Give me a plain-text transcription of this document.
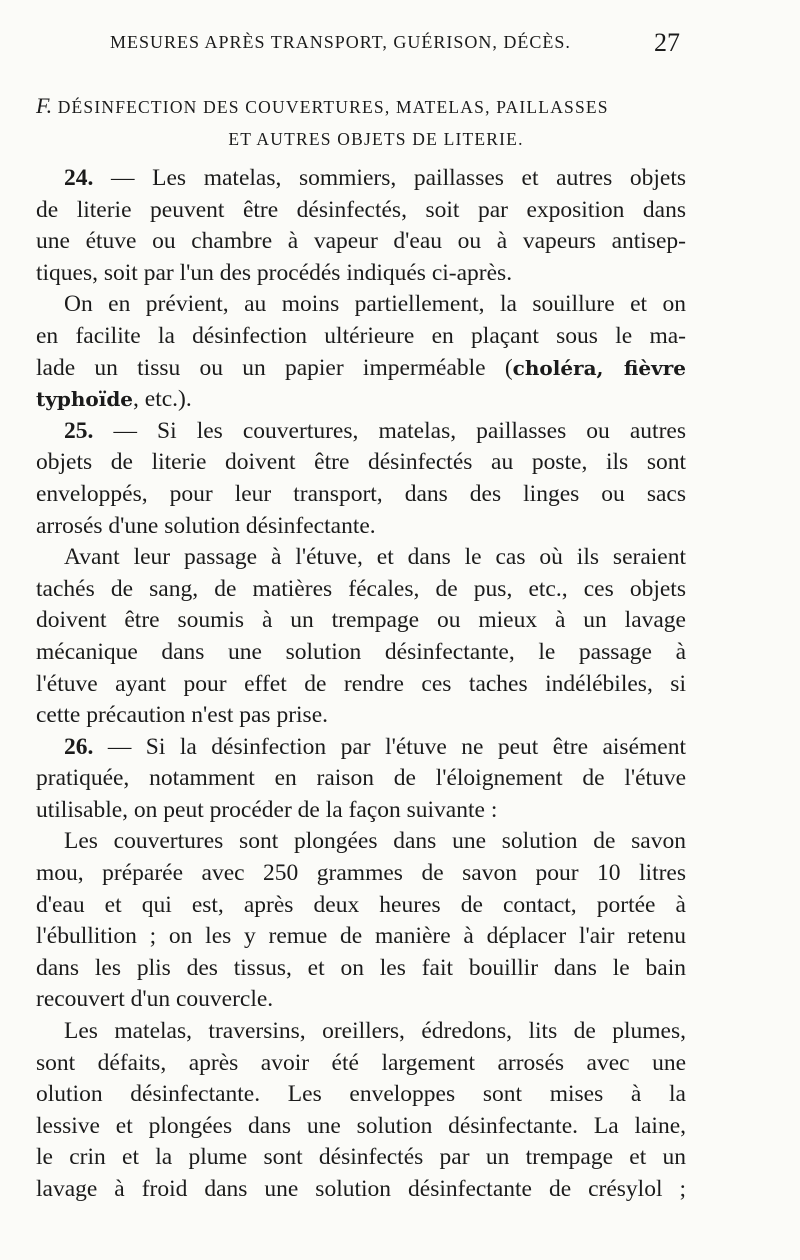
MESURES APRÈS TRANSPORT, GUÉRISON, DÉCÈS.	27
F. DÉSINFECTION DES COUVERTURES, MATELAS, PAILLASSES
ET AUTRES OBJETS DE LITERIE.
24. — Les matelas, sommiers, paillasses et autres objets
de literie peuvent être désinfectés, soit par exposition dans
une étuve ou chambre à vapeur d'eau ou à vapeurs antisep-
tiques, soit par l'un des procédés indiqués ci-après.
On en prévient, au moins partiellement, la souillure et on
en facilite la désinfection ultérieure en plaçant sous le ma-
lade un tissu ou un papier imperméable (choléra, fièvre
typhoïde, etc.).
25. — Si les couvertures, matelas, paillasses ou autres
objets de literie doivent être désinfectés au poste, ils sont
enveloppés, pour leur transport, dans des linges ou sacs
arrosés d'une solution désinfectante.
Avant leur passage à l'étuve, et dans le cas où ils seraient
tachés de sang, de matières fécales, de pus, etc., ces objets
doivent être soumis à un trempage ou mieux à un lavage
mécanique dans une solution désinfectante, le passage à
l'étuve ayant pour effet de rendre ces taches indélébiles, si
cette précaution n'est pas prise.
26. — Si la désinfection par l'étuve ne peut être aisément
pratiquée, notamment en raison de l'éloignement de l'étuve
utilisable, on peut procéder de la façon suivante :
Les couvertures sont plongées dans une solution de savon
mou, préparée avec 250 grammes de savon pour 10 litres
d'eau et qui est, après deux heures de contact, portée à
l'ébullition ; on les y remue de manière à déplacer l'air retenu
dans les plis des tissus, et on les fait bouillir dans le bain
recouvert d'un couvercle.
Les matelas, traversins, oreillers, édredons, lits de plumes,
sont défaits, après avoir été largement arrosés avec une
olution désinfectante. Les enveloppes sont mises à la
lessive et plongées dans une solution désinfectante. La laine,
le crin et la plume sont désinfectés par un trempage et un
lavage à froid dans une solution désinfectante de crésylol ;
